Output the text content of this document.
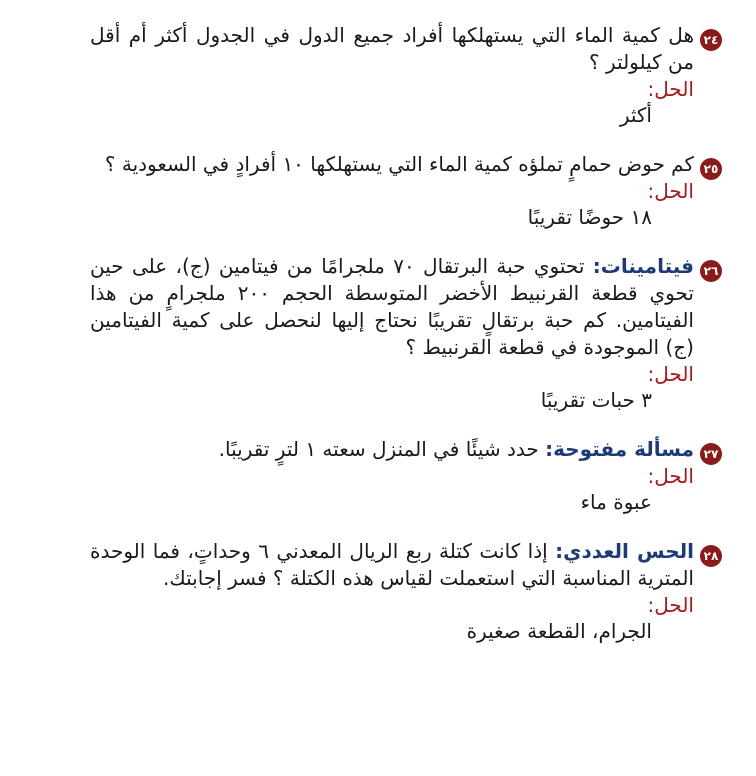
٢٤
هل كمية الماء التي يستهلكها أفراد جميع الدول في الجدول أكثر أم أقل من كيلولتر ؟
الحل:
أكثر
٢٥
كم حوض حمامٍ تملؤه كمية الماء التي يستهلكها ١٠ أفرادٍ في السعودية ؟
الحل:
١٨ حوضًا تقريبًا
٢٦
فيتامينات: تحتوي حبة البرتقال ٧٠ ملجرامًا من فيتامين (ج)، على حين تحوي قطعة القرنبيط الأخضر المتوسطة الحجم ٢٠٠ ملجرامٍ من هذا الفيتامين. كم حبة برتقالٍ تقريبًا نحتاج إليها لنحصل على كمية الفيتامين (ج) الموجودة في قطعة القرنبيط ؟
الحل:
٣ حبات تقريبًا
٢٧
مسألة مفتوحة: حدد شيئًا في المنزل سعته ١ لترٍ تقريبًا.
الحل:
عبوة ماء
٢٨
الحس العددي: إذا كانت كتلة ربع الريال المعدني ٦ وحداتٍ، فما الوحدة المترية المناسبة التي استعملت لقياس هذه الكتلة ؟ فسر إجابتك.
الحل:
الجرام، القطعة صغيرة
